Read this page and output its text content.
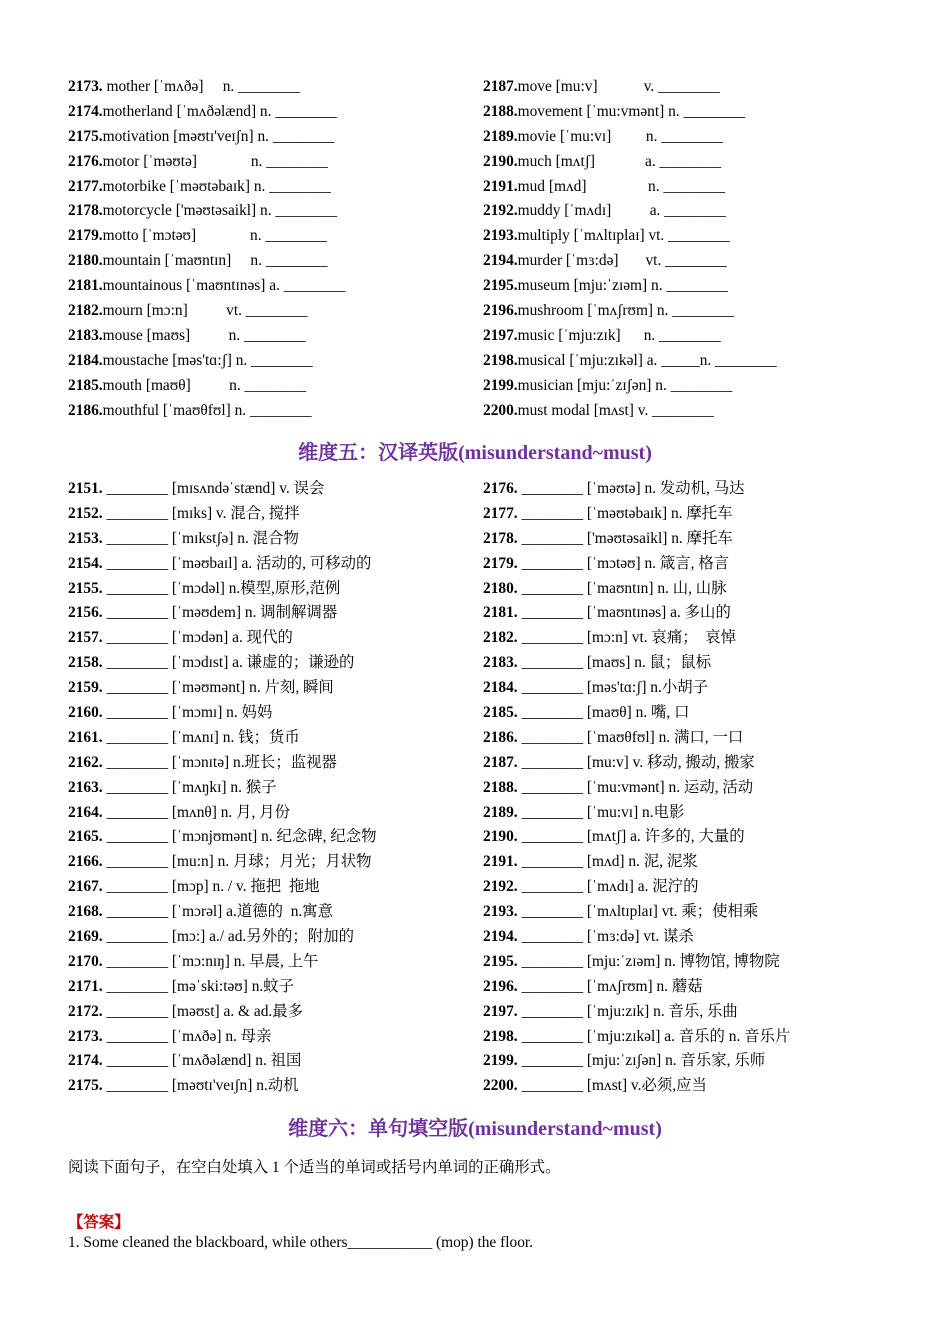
2173. mother [ˈmʌðə]     n. ________
2174.motherland [ˈmʌðəlænd] n. ________
2175.motivation [məʊtɪ'veɪʃn] n. ________
2176.motor [ˈməʊtə]              n. ________
2177.motorbike [ˈməʊtəbaɪk] n. ________
2178.motorcycle ['məʊtəsaikl] n. ________
2179.motto [ˈmɔtəʊ]              n. ________
2180.mountain [ˈmaʊntɪn]     n. ________
2181.mountainous [ˈmaʊntɪnəs] a. ________
2182.mourn [mɔ:n]          vt. ________
2183.mouse [maʊs]          n. ________
2184.moustache [məs'tɑ:ʃ] n. ________
2185.mouth [maʊθ]          n. ________
2186.mouthful [ˈmaʊθfʊl] n. ________
2187.move [mu:v]            v. ________
2188.movement [ˈmu:vmənt] n. ________
2189.movie [ˈmu:vɪ]         n. ________
2190.much [mʌtʃ]             a. ________
2191.mud [mʌd]                n. ________
2192.muddy [ˈmʌdɪ]          a. ________
2193.multiply [ˈmʌltɪplaɪ] vt. ________
2194.murder [ˈmɜ:də]       vt. ________
2195.museum [mju:ˈzɪəm] n. ________
2196.mushroom [ˈmʌʃrʊm] n. ________
2197.music [ˈmju:zɪk]      n. ________
2198.musical [ˈmju:zɪkəl] a. _____n. ________
2199.musician [mju:ˈzɪʃən] n. ________
2200.must modal [mʌst] v. ________
维度五：汉译英版(misunderstand~must)
2151. ________ [mɪsʌndəˈstænd] v. 误会
2152. ________ [mɪks] v. 混合, 搅拌
2153. ________ [ˈmɪkstʃə] n. 混合物
2154. ________ [ˈməʊbaɪl] a. 活动的, 可移动的
2155. ________ [ˈmɔdəl] n.模型,原形,范例
2156. ________ [ˈməʊdem] n. 调制解调器
2157. ________ [ˈmɔdən] a. 现代的
2158. ________ [ˈmɔdɪst] a. 谦虚的；谦逊的
2159. ________ [ˈməʊmənt] n. 片刻, 瞬间
2160. ________ [ˈmɔmɪ] n. 妈妈
2161. ________ [ˈmʌnɪ] n. 钱；货币
2162. ________ [ˈmɔnɪtə] n.班长；监视器
2163. ________ [ˈmʌŋkɪ] n. 猴子
2164. ________ [mʌnθ] n. 月, 月份
2165. ________ [ˈmɔnjʊmənt] n. 纪念碑, 纪念物
2166. ________ [mu:n] n. 月球；月光；月状物
2167. ________ [mɔp] n. / v. 拖把  拖地
2168. ________ [ˈmɔrəl] a.道德的  n.寓意
2169. ________ [mɔ:] a./ ad.另外的；附加的
2170. ________ [ˈmɔ:nɪŋ] n. 早晨, 上午
2171. ________ [məˈski:təʊ] n.蚊子
2172. ________ [məʊst] a. & ad.最多
2173. ________ [ˈmʌðə] n. 母亲
2174. ________ [ˈmʌðəlænd] n. 祖国
2175. ________ [məʊtɪ'veɪʃn] n.动机
2176. ________ [ˈməʊtə] n. 发动机, 马达
2177. ________ [ˈməʊtəbaɪk] n. 摩托车
2178. ________ ['məʊtəsaikl] n. 摩托车
2179. ________ [ˈmɔtəʊ] n. 箴言, 格言
2180. ________ [ˈmaʊntɪn] n. 山, 山脉
2181. ________ [ˈmaʊntɪnəs] a. 多山的
2182. ________ [mɔ:n] vt. 哀痛；  哀悼
2183. ________ [maʊs] n. 鼠；鼠标
2184. ________ [məs'tɑ:ʃ] n.小胡子
2185. ________ [maʊθ] n. 嘴, 口
2186. ________ [ˈmaʊθfʊl] n. 满口, 一口
2187. ________ [mu:v] v. 移动, 搬动, 搬家
2188. ________ [ˈmu:vmənt] n. 运动, 活动
2189. ________ [ˈmu:vɪ] n.电影
2190. ________ [mʌtʃ] a. 许多的, 大量的
2191. ________ [mʌd] n. 泥, 泥浆
2192. ________ [ˈmʌdɪ] a. 泥泞的
2193. ________ [ˈmʌltɪplaɪ] vt. 乘；使相乘
2194. ________ [ˈmɜ:də] vt. 谋杀
2195. ________ [mju:ˈzɪəm] n. 博物馆, 博物院
2196. ________ [ˈmʌʃrʊm] n. 蘑菇
2197. ________ [ˈmju:zɪk] n. 音乐, 乐曲
2198. ________ [ˈmju:zɪkəl] a. 音乐的 n. 音乐片
2199. ________ [mju:ˈzɪʃən] n. 音乐家, 乐师
2200. ________ [mʌst] v.必须,应当
维度六：单句填空版(misunderstand~must)
阅读下面句子，在空白处填入 1 个适当的单词或括号内单词的正确形式。
【答案】
1. Some cleaned the blackboard, while others___________ (mop) the floor.
